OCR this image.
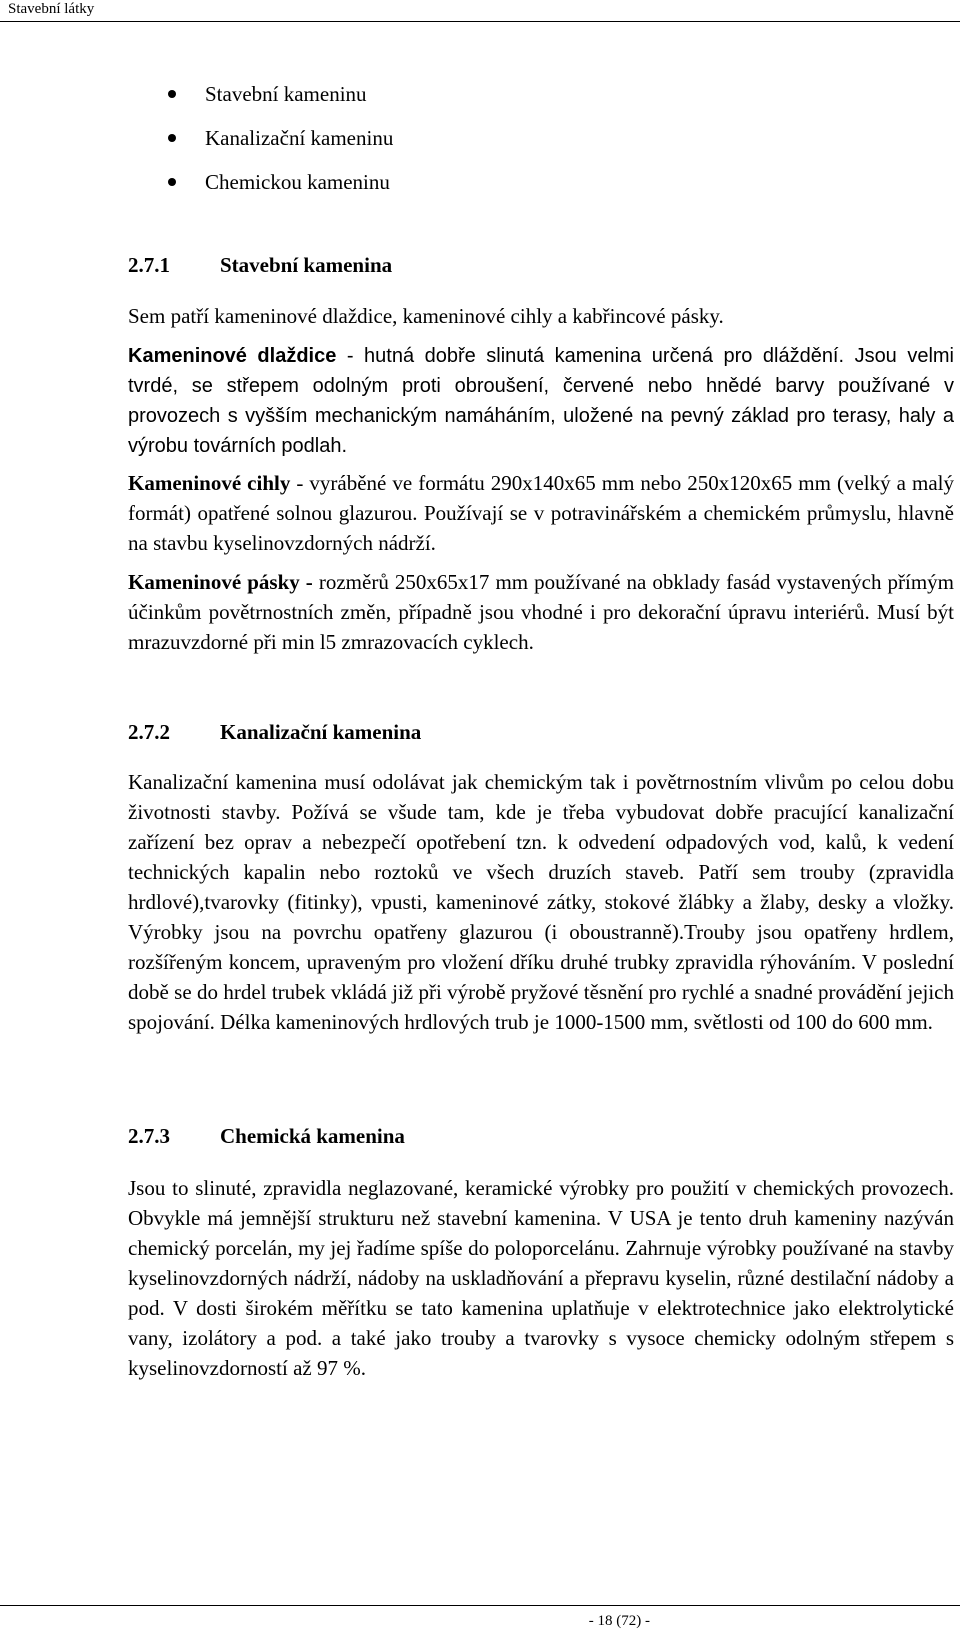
Stavební látky
Stavební kameninu
Kanalizační kameninu
Chemickou kameninu
2.7.1 Stavební kamenina

Sem patří kameninové dlaždice, kameninové cihly a kabřincové pásky.

Kameninové dlaždice - hutná dobře slinutá kamenina určená pro dláždění. Jsou velmi tvrdé, se střepem odolným proti obroušení, červené nebo hnědé barvy používané v provozech s vyšším mechanickým namáháním, uložené na pevný základ pro terasy, haly a výrobu továrních podlah.

Kameninové cihly - vyráběné ve formátu 290x140x65 mm nebo 250x120x65 mm (velký a malý formát) opatřené solnou glazurou. Používají se v potravinářském a chemickém průmyslu, hlavně na stavbu kyselinovzdorných nádrží.

Kameninové pásky - rozměrů 250x65x17 mm používané na obklady fasád vystavených přímým účinkům povětrnostních změn, případně jsou vhodné i pro dekorační úpravu interiérů. Musí být mrazuvzdorné při min l5 zmrazovacích cyklech.

2.7.2 Kanalizační kamenina

Kanalizační kamenina musí odolávat jak chemickým tak i povětrnostním vlivům po celou dobu životnosti stavby. Požívá se všude tam, kde je třeba vybudovat dobře pracující kanalizační zařízení bez oprav a nebezpečí opotřebení tzn. k odvedení odpadových vod, kalů, k vedení technických kapalin nebo roztoků ve všech druzích staveb. Patří sem trouby (zpravidla hrdlové),tvarovky (fitinky), vpusti, kameninové zátky, stokové žlábky a žlaby, desky a vložky. Výrobky jsou na povrchu opatřeny glazurou (i oboustranně).Trouby jsou opatřeny hrdlem, rozšířeným koncem, upraveným pro vložení dříku druhé trubky zpravidla rýhováním. V poslední době se do hrdel trubek vkládá již při výrobě pryžové těsnění pro rychlé a snadné provádění jejich spojování. Délka kameninových hrdlových trub je 1000-1500 mm, světlosti od 100 do 600 mm.

2.7.3 Chemická kamenina

Jsou to slinuté, zpravidla neglazované, keramické výrobky pro použití v chemických provozech. Obvykle má jemnější strukturu než stavební kamenina. V USA je tento druh kameniny nazýván chemický porcelán, my jej řadíme spíše do poloporcelánu. Zahrnuje výrobky používané na stavby kyselinovzdorných nádrží, nádoby na uskladňování a přepravu kyselin, různé destilační nádoby a pod. V dosti širokém měřítku se tato kamenina uplatňuje v elektrotechnice jako elektrolytické vany, izolátory a pod. a také jako trouby a tvarovky s vysoce chemicky odolným střepem s kyselinovzdorností až 97 %.

- 18 (72) -
